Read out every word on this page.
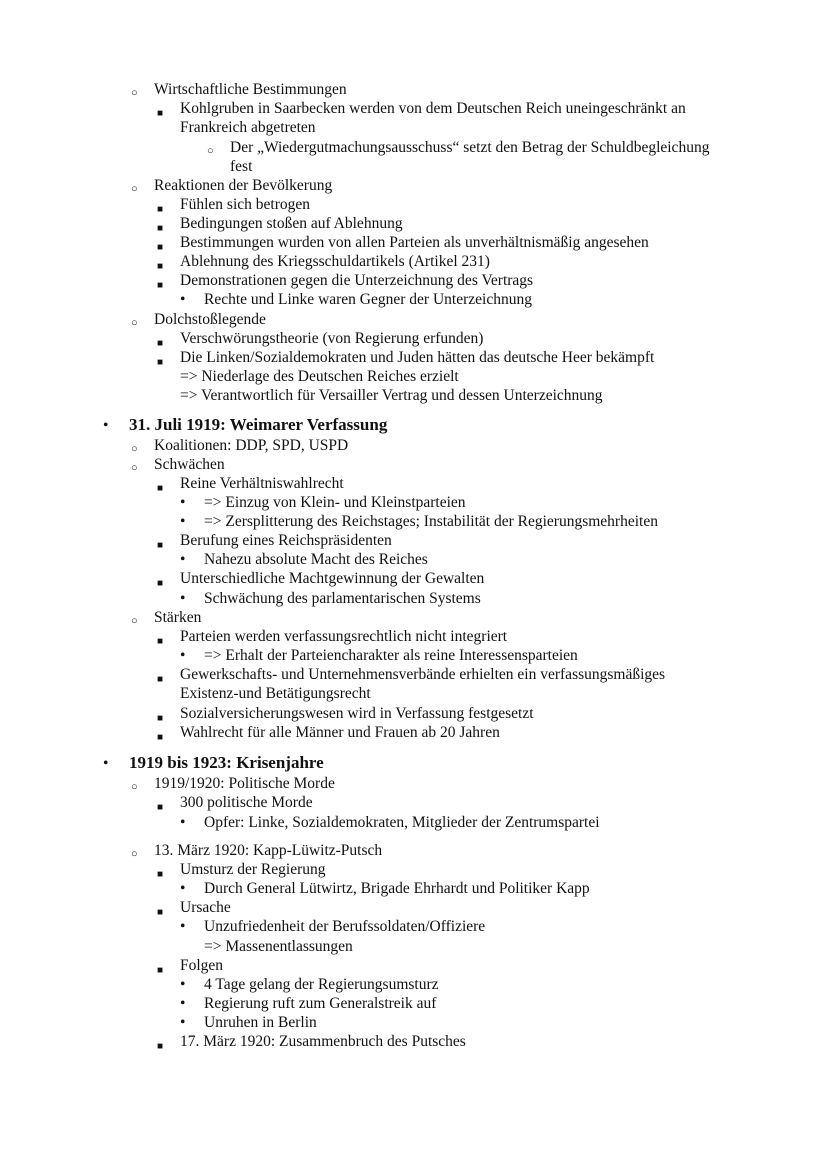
○ Wirtschaftliche Bestimmungen
■ Kohlgruben in Saarbecken werden von dem Deutschen Reich uneingeschränkt an
Frankreich abgetreten
○ Der „Wiedergutmachungsausschuss“ setzt den Betrag der Schuldbegleichung
fest
○ Reaktionen der Bevölkerung
■ Fühlen sich betrogen
■ Bedingungen stoßen auf Ablehnung
■ Bestimmungen wurden von allen Parteien als unverhältnismäßig angesehen
■ Ablehnung des Kriegsschuldartikels (Artikel 231)
■ Demonstrationen gegen die Unterzeichnung des Vertrags
• Rechte und Linke waren Gegner der Unterzeichnung
○ Dolchstoßlegende
■ Verschwörungstheorie (von Regierung erfunden)
■ Die Linken/Sozialdemokraten und Juden hätten das deutsche Heer bekämpft
=> Niederlage des Deutschen Reiches erzielt
=> Verantwortlich für Versailler Vertrag und dessen Unterzeichnung
• 31. Juli 1919: Weimarer Verfassung
○ Koalitionen: DDP, SPD, USPD
○ Schwächen
■ Reine Verhältniswahlrecht
• => Einzug von Klein- und Kleinstparteien
• => Zersplitterung des Reichstages; Instabilität der Regierungsmehrheiten
■ Berufung eines Reichspräsidenten
• Nahezu absolute Macht des Reiches
■ Unterschiedliche Machtgewinnung der Gewalten
• Schwächung des parlamentarischen Systems
○ Stärken
■ Parteien werden verfassungsrechtlich nicht integriert
• => Erhalt der Parteiencharakter als reine Interessensparteien
■ Gewerkschafts- und Unternehmensverbände erhielten ein verfassungsmäßiges
Existenz-und Betätigungsrecht
■ Sozialversicherungswesen wird in Verfassung festgesetzt
■ Wahlrecht für alle Männer und Frauen ab 20 Jahren
• 1919 bis 1923: Krisenjahre
○ 1919/1920: Politische Morde
■ 300 politische Morde
• Opfer: Linke, Sozialdemokraten, Mitglieder der Zentrumspartei
○ 13. März 1920: Kapp-Lüwitz-Putsch
■ Umsturz der Regierung
• Durch General Lütwirtz, Brigade Ehrhardt und Politiker Kapp
■ Ursache
• Unzufriedenheit der Berufssoldaten/Offiziere
=> Massenentlassungen
■ Folgen
• 4 Tage gelang der Regierungsumsturz
• Regierung ruft zum Generalstreik auf
• Unruhen in Berlin
■ 17. März 1920: Zusammenbruch des Putsches
